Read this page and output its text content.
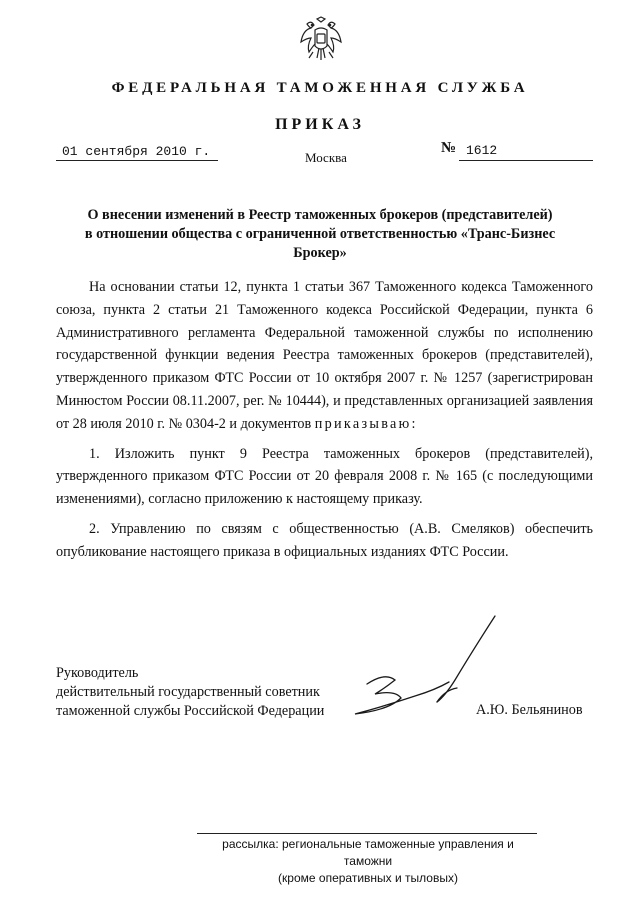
ФЕДЕРАЛЬНАЯ ТАМОЖЕННАЯ СЛУЖБА
ПРИКАЗ
01 сентября 2010 г.	Москва
№ 1612
О внесении изменений в Реестр таможенных брокеров (представителей)
в отношении общества с ограниченной ответственностью «Транс-Бизнес
Брокер»

На основании статьи 12, пункта 1 статьи 367 Таможенного кодекса Таможенного союза, пункта 2 статьи 21 Таможенного кодекса Российской Федерации, пункта 6 Административного регламента Федеральной таможенной службы по исполнению государственной функции ведения Реестра таможенных брокеров (представителей), утвержденного приказом ФТС России от 10 октября 2007 г. № 1257 (зарегистрирован Минюстом России 08.11.2007, рег. № 10444), и представленных организацией заявления от 28 июля 2010 г. № 0304-2 и документов приказываю:

1. Изложить пункт 9 Реестра таможенных брокеров (представителей), утвержденного приказом ФТС России от 20 февраля 2008 г. № 165 (с последующими изменениями), согласно приложению к настоящему приказу.

2. Управлению по связям с общественностью (А.В. Смеляков) обеспечить опубликование настоящего приказа в официальных изданиях ФТС России.

Руководитель
действительный государственный советник
таможенной службы Российской Федерации	А.Ю. Бельянинов
рассылка: региональные таможенные управления и таможни
(кроме оперативных и тыловых)
